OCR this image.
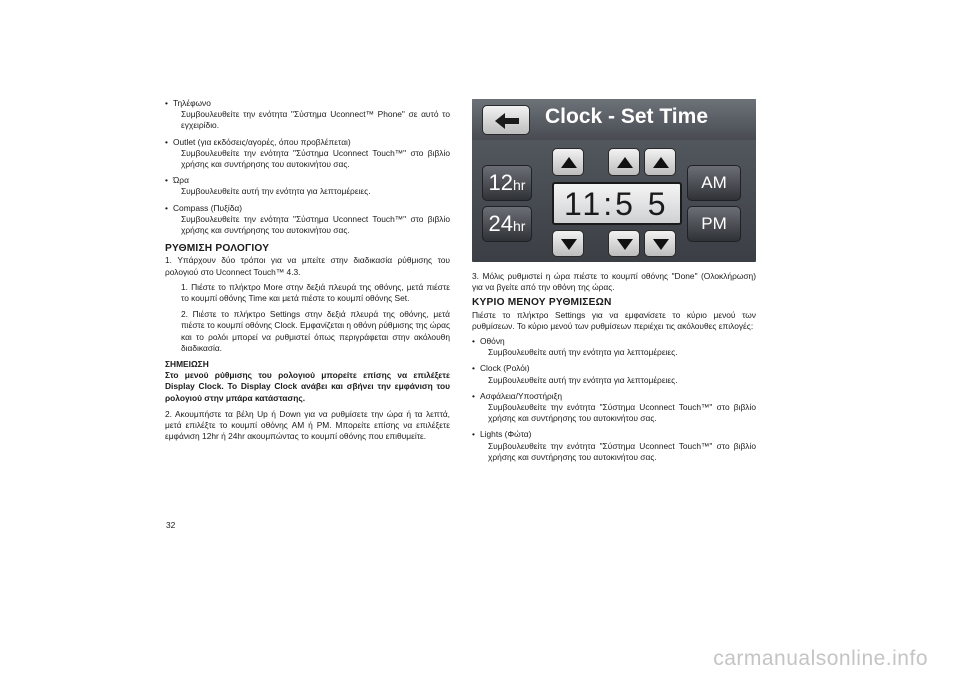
• Τηλέφωνο

Συμβουλευθείτε την ενότητα "Σύστημα Uconnect™ Phone" σε αυτό το εγχειρίδιο.

• Outlet (για εκδόσεις/αγορές, όπου προβλέπεται)

Συμβουλευθείτε την ενότητα "Σύστημα Uconnect Touch™" στο βιβλίο χρήσης και συντήρησης του αυτοκινήτου σας.

• Ώρα

Συμβουλευθείτε αυτή την ενότητα για λεπτομέρειες.

• Compass (Πυξίδα)

Συμβουλευθείτε την ενότητα "Σύστημα Uconnect Touch™" στο βιβλίο χρήσης και συντήρησης του αυτοκινήτου σας.

ΡΥΘΜΙΣΗ ΡΟΛΟΓΙΟΥ

1. Υπάρχουν δύο τρόποι για να μπείτε στην διαδικασία ρύθμισης του ρολογιού στο Uconnect Touch™ 4.3.

1. Πιέστε το πλήκτρο More στην δεξιά πλευρά της οθόνης, μετά πιέστε το κουμπί οθόνης Time και μετά πιέστε το κουμπί οθόνης Set.

2. Πιέστε το πλήκτρο Settings στην δεξιά πλευρά της οθόνης, μετά πιέστε το κουμπί οθόνης Clock. Εμφανίζεται η οθόνη ρύθμισης της ώρας και το ρολόι μπορεί να ρυθμιστεί όπως περιγράφεται στην ακόλουθη διαδικασία.

ΣΗΜΕΙΩΣΗ

Στο μενού ρύθμισης του ρολογιού μπορείτε επίσης να επιλέξετε Display Clock. To Display Clock ανάβει και σβήνει την εμφάνιση του ρολογιού στην μπάρα κατάστασης.

2. Ακουμπήστε τα βέλη Up ή Down για να ρυθμίσετε την ώρα ή τα λεπτά, μετά επιλέξτε το κουμπί οθόνης AM ή PM. Μπορείτε επίσης να επιλέξετε εμφάνιση 12hr ή 24hr ακουμπώντας το κουμπί οθόνης που επιθυμείτε.

Clock - Set Time
12hr
24hr
11:5 5
AM
PM

3. Μόλις ρυθμιστεί η ώρα πιέστε το κουμπί οθόνης "Done" (Ολοκλήρωση) για να βγείτε από την οθόνη της ώρας.

ΚΥΡΙΟ ΜΕΝΟΥ ΡΥΘΜΙΣΕΩΝ

Πιέστε το πλήκτρο Settings για να εμφανίσετε το κύριο μενού των ρυθμίσεων. Το κύριο μενού των ρυθμίσεων περιέχει τις ακόλουθες επιλογές:

• Οθόνη

Συμβουλευθείτε αυτή την ενότητα για λεπτομέρειες.

• Clock (Ρολόι)

Συμβουλευθείτε αυτή την ενότητα για λεπτομέρειες.

• Ασφάλεια/Υποστήριξη

Συμβουλευθείτε την ενότητα "Σύστημα Uconnect Touch™" στο βιβλίο χρήσης και συντήρησης του αυτοκινήτου σας.

• Lights (Φώτα)

Συμβουλευθείτε την ενότητα "Σύστημα Uconnect Touch™" στο βιβλίο χρήσης και συντήρησης του αυτοκινήτου σας.

32
carmanualsonline.info
